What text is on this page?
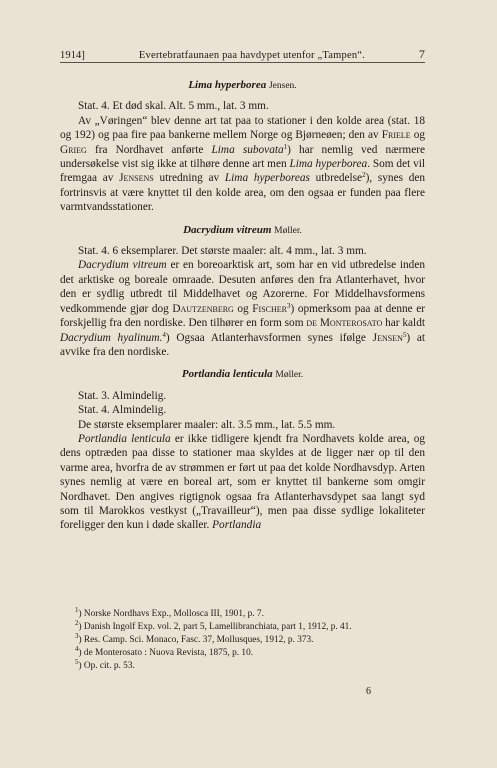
1914]	Evertebratfaunaen paa havdypet utenfor „Tampen“.	7
Lima hyperborea Jensen.

Stat. 4. Et død skal. Alt. 5 mm., lat. 3 mm.

Av „Vøringen“ blev denne art tat paa to stationer i den kolde area (stat. 18 og 192) og paa fire paa bankerne mellem Norge og Bjørneøen; den av Friele og Grieg fra Nordhavet anførte Lima subovata$^1$) har nemlig ved nærmere undersøkelse vist sig ikke at tilhøre denne art men Lima hyperborea. Som det vil fremgaa av Jensens utredning av Lima hyperboreas utbredelse$^2$), synes den fortrinsvis at være knyttet til den kolde area, om den ogsaa er funden paa flere varmtvandsstationer.

Dacrydium vitreum Møller.

Stat. 4. 6 eksemplarer. Det største maaler: alt. 4 mm., lat. 3 mm.

Dacrydium vitreum er en boreoarktisk art, som har en vid utbredelse inden det arktiske og boreale omraade. Desuten anføres den fra Atlanterhavet, hvor den er sydlig utbredt til Middelhavet og Azorerne. For Middelhavsformens vedkommende gjør dog Dautzenberg og Fischer$^3$) opmerksom paa at denne er forskjellig fra den nordiske. Den tilhører en form som de Monterosato har kaldt Dacrydium hyalinum.$^4$) Ogsaa Atlanterhavsformen synes ifølge Jensen$^5$) at avvike fra den nordiske.

Portlandia lenticula Møller.

Stat. 3. Almindelig.

Stat. 4. Almindelig.

De største eksemplarer maaler: alt. 3.5 mm., lat. 5.5 mm.

Portlandia lenticula er ikke tidligere kjendt fra Nordhavets kolde area, og dens optræden paa disse to stationer maa skyldes at de ligger nær op til den varme area, hvorfra de av strømmen er ført ut paa det kolde Nordhavsdyp. Arten synes nemlig at være en boreal art, som er knyttet til bankerne som omgir Nordhavet. Den angives rigtignok ogsaa fra Atlanterhavsdypet saa langt syd som til Marokkos vestkyst („Travailleur“), men paa disse sydlige lokaliteter foreligger den kun i døde skaller. Portlandia

$^1$) Norske Nordhavs Exp., Mollosca III, 1901, p. 7.
$^2$) Danish Ingolf Exp. vol. 2, part 5, Lamellibranchiata, part 1, 1912, p. 41.
$^3$) Res. Camp. Sci. Monaco, Fasc. 37, Mollusques, 1912, p. 373.
$^4$) de Monterosato : Nuova Revista, 1875, p. 10.
$^5$) Op. cit. p. 53.
6
